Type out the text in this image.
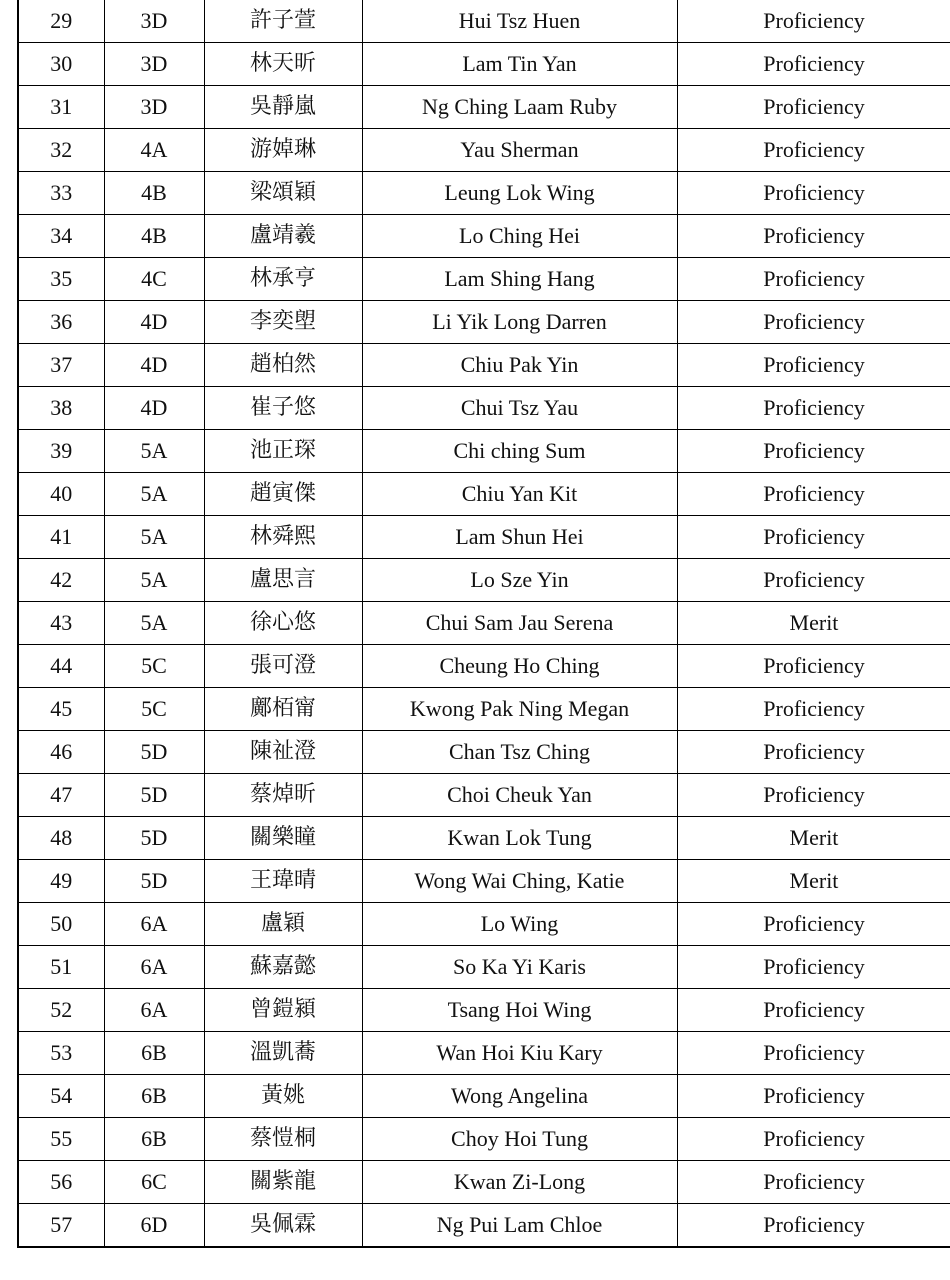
29	3D	許子萱	Hui Tsz Huen	Proficiency
30	3D	林天昕	Lam Tin Yan	Proficiency
31	3D	吳靜嵐	Ng Ching Laam Ruby	Proficiency
32	4A	游婥琳	Yau Sherman	Proficiency
33	4B	梁頌穎	Leung Lok Wing	Proficiency
34	4B	盧靖羲	Lo Ching Hei	Proficiency
35	4C	林承亨	Lam Shing Hang	Proficiency
36	4D	李奕塱	Li Yik Long Darren	Proficiency
37	4D	趙柏然	Chiu Pak Yin	Proficiency
38	4D	崔子悠	Chui Tsz Yau	Proficiency
39	5A	池正琛	Chi ching Sum	Proficiency
40	5A	趙寅傑	Chiu Yan Kit	Proficiency
41	5A	林舜熙	Lam Shun Hei	Proficiency
42	5A	盧思言	Lo Sze Yin	Proficiency
43	5A	徐心悠	Chui Sam Jau Serena	Merit
44	5C	張可澄	Cheung Ho Ching	Proficiency
45	5C	鄺栢甯	Kwong Pak Ning Megan	Proficiency
46	5D	陳祉澄	Chan Tsz Ching	Proficiency
47	5D	蔡焯昕	Choi Cheuk Yan	Proficiency
48	5D	關樂瞳	Kwan Lok Tung	Merit
49	5D	王瑋晴	Wong Wai Ching, Katie	Merit
50	6A	盧穎	Lo Wing	Proficiency
51	6A	蘇嘉懿	So Ka Yi Karis	Proficiency
52	6A	曾鎧潁	Tsang Hoi Wing	Proficiency
53	6B	溫凱蕎	Wan Hoi Kiu Kary	Proficiency
54	6B	黃姚	Wong Angelina	Proficiency
55	6B	蔡愷桐	Choy Hoi Tung	Proficiency
56	6C	關紫龍	Kwan Zi-Long	Proficiency
57	6D	吳佩霖	Ng Pui Lam Chloe	Proficiency
